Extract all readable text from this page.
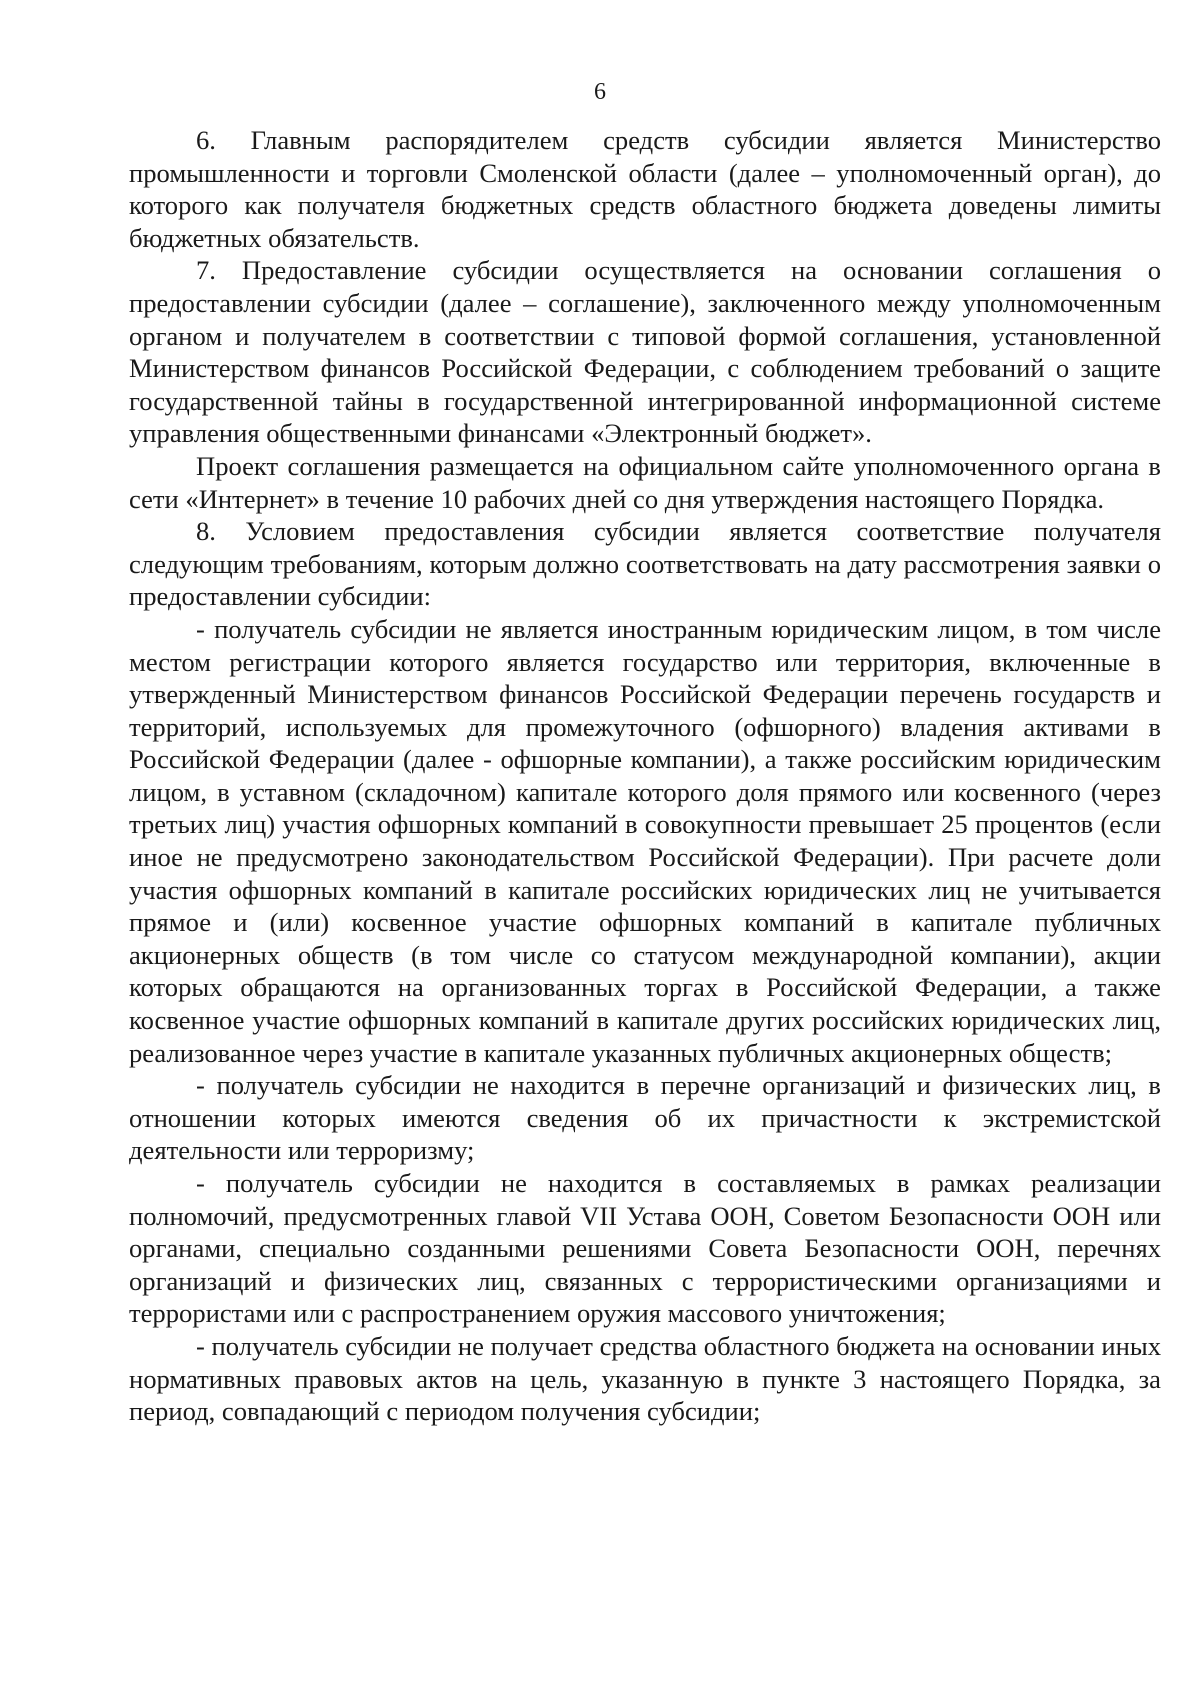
6

6. Главным распорядителем средств субсидии является Министерство промышленности и торговли Смоленской области (далее – уполномоченный орган), до которого как получателя бюджетных средств областного бюджета доведены лимиты бюджетных обязательств.

7. Предоставление субсидии осуществляется на основании соглашения о предоставлении субсидии (далее – соглашение), заключенного между уполномоченным органом и получателем в соответствии с типовой формой соглашения, установленной Министерством финансов Российской Федерации, с соблюдением требований о защите государственной тайны в государственной интегрированной информационной системе управления общественными финансами «Электронный бюджет».

Проект соглашения размещается на официальном сайте уполномоченного органа в сети «Интернет» в течение 10 рабочих дней со дня утверждения настоящего Порядка.

8. Условием предоставления субсидии является соответствие получателя следующим требованиям, которым должно соответствовать на дату рассмотрения заявки о предоставлении субсидии:

- получатель субсидии не является иностранным юридическим лицом, в том числе местом регистрации которого является государство или территория, включенные в утвержденный Министерством финансов Российской Федерации перечень государств и территорий, используемых для промежуточного (офшорного) владения активами в Российской Федерации (далее - офшорные компании), а также российским юридическим лицом, в уставном (складочном) капитале которого доля прямого или косвенного (через третьих лиц) участия офшорных компаний в совокупности превышает 25 процентов (если иное не предусмотрено законодательством Российской Федерации). При расчете доли участия офшорных компаний в капитале российских юридических лиц не учитывается прямое и (или) косвенное участие офшорных компаний в капитале публичных акционерных обществ (в том числе со статусом международной компании), акции которых обращаются на организованных торгах в Российской Федерации, а также косвенное участие офшорных компаний в капитале других российских юридических лиц, реализованное через участие в капитале указанных публичных акционерных обществ;

- получатель субсидии не находится в перечне организаций и физических лиц, в отношении которых имеются сведения об их причастности к экстремистской деятельности или терроризму;

- получатель субсидии не находится в составляемых в рамках реализации полномочий, предусмотренных главой VII Устава ООН, Советом Безопасности ООН или органами, специально созданными решениями Совета Безопасности ООН, перечнях организаций и физических лиц, связанных с террористическими организациями и террористами или с распространением оружия массового уничтожения;

- получатель субсидии не получает средства областного бюджета на основании иных нормативных правовых актов на цель, указанную в пункте 3 настоящего Порядка, за период, совпадающий с периодом получения субсидии;
